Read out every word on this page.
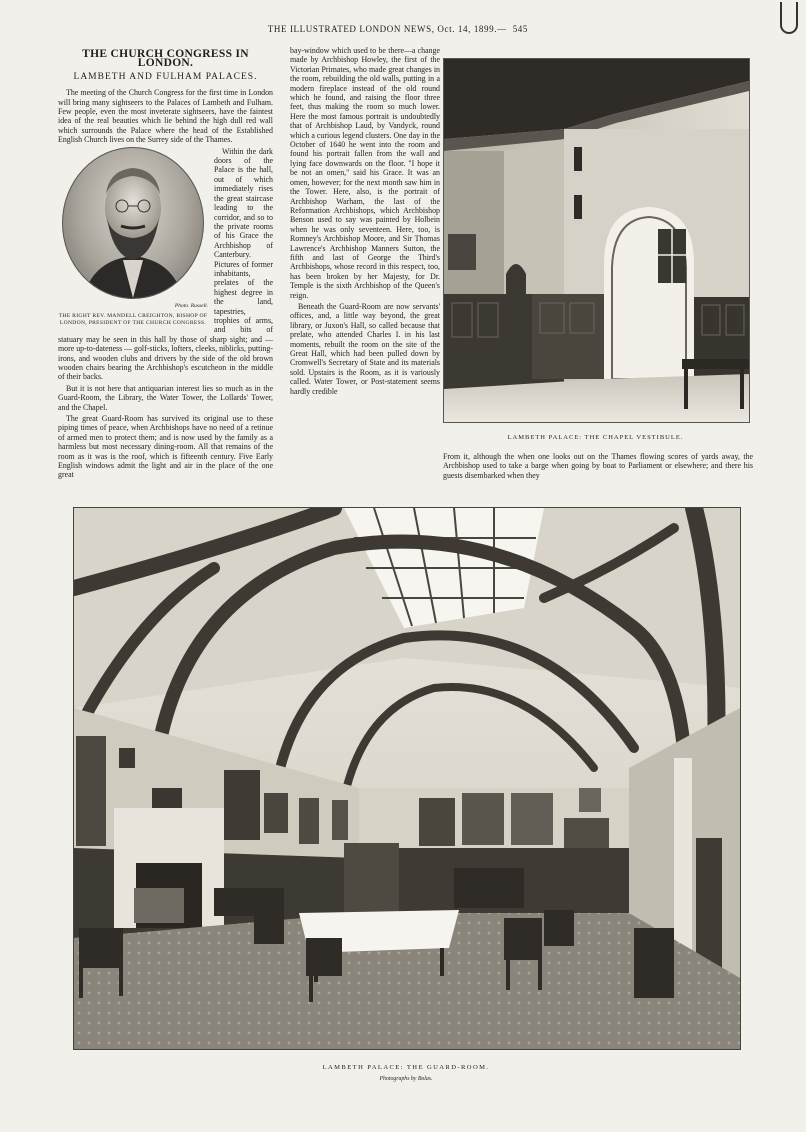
THE ILLUSTRATED LONDON NEWS, Oct. 14, 1899.— 545
THE CHURCH CONGRESS IN LONDON.
LAMBETH AND FULHAM PALACES.

The meeting of the Church Congress for the first time in London will bring many sightseers to the Palaces of Lambeth and Fulham. Few people, even the most inveterate sightseers, have the faintest idea of the real beauties which lie behind the high dull red wall which surrounds the Palace where the head of the Established English Church lives on the Surrey side of the Thames.

Photo. Russell.
THE RIGHT REV. MANDELL CREIGHTON, BISHOP OF LONDON, PRESIDENT OF THE CHURCH CONGRESS.

Within the dark doors of the Palace is the hall, out of which immediately rises the great staircase leading to the corridor, and so to the private rooms of his Grace the Archbishop of Canterbury. Pictures of former inhabitants, prelates of the highest degree in the land, tapestries, trophies of arms, and bits of statuary may be seen in this hall by those of sharp sight; and — more up-to-dateness — golf-sticks, lofters, cleeks, niblicks, putting-irons, and wooden clubs and drivers by the side of the old brown wooden chairs bearing the Archbishop's escutcheon in the middle of their backs.

But it is not here that antiquarian interest lies so much as in the Guard-Room, the Library, the Water Tower, the Lollards' Tower, and the Chapel.

The great Guard-Room has survived its original use to these piping times of peace, when Archbishops have no need of a retinue of armed men to protect them; and is now used by the family as a harmless but most necessary dining-room. All that remains of the room as it was is the roof, which is fifteenth century. Five Early English windows admit the light and air in the place of the one great

bay-window which used to be there—a change made by Archbishop Howley, the first of the Victorian Primates, who made great changes in the room, rebuilding the old walls, putting in a modern fireplace instead of the old round which he found, and raising the floor three feet, thus making the room so much lower. Here the most famous portrait is undoubtedly that of Archbishop Laud, by Vandyck, round which a curious legend clusters. One day in the October of 1640 he went into the room and found his portrait fallen from the wall and lying face downwards on the floor. "I hope it be not an omen," said his Grace. It was an omen, however; for the next month saw him in the Tower. Here, also, is the portrait of Archbishop Warham, the last of the Reformation Archbishops, which Archbishop Benson used to say was painted by Holbein when he was only seventeen. Here, too, is Romney's Archbishop Moore, and Sir Thomas Lawrence's Archbishop Manners Sutton, the fifth and last of George the Third's Archbishops, whose record in this respect, too, has been broken by her Majesty, for Dr. Temple is the sixth Archbishop of the Queen's reign.

Beneath the Guard-Room are now servants' offices, and, a little way beyond, the great library, or Juxon's Hall, so called because that prelate, who attended Charles I. in his last moments, rebuilt the room on the site of the Great Hall, which had been pulled down by Cromwell's Secretary of State and its materials sold. Upstairs is the Room, as it is variously called. Water Tower, or Post-statement seems hardly credible

LAMBETH PALACE: THE CHAPEL VESTIBULE.

From it, although the when one looks out on the Thames flowing scores of yards away, the Archbishop used to take a barge when going by boat to Parliament or elsewhere; and there his guests disembarked when they

LAMBETH PALACE: THE GUARD-ROOM.
Photographs by Bolas.
